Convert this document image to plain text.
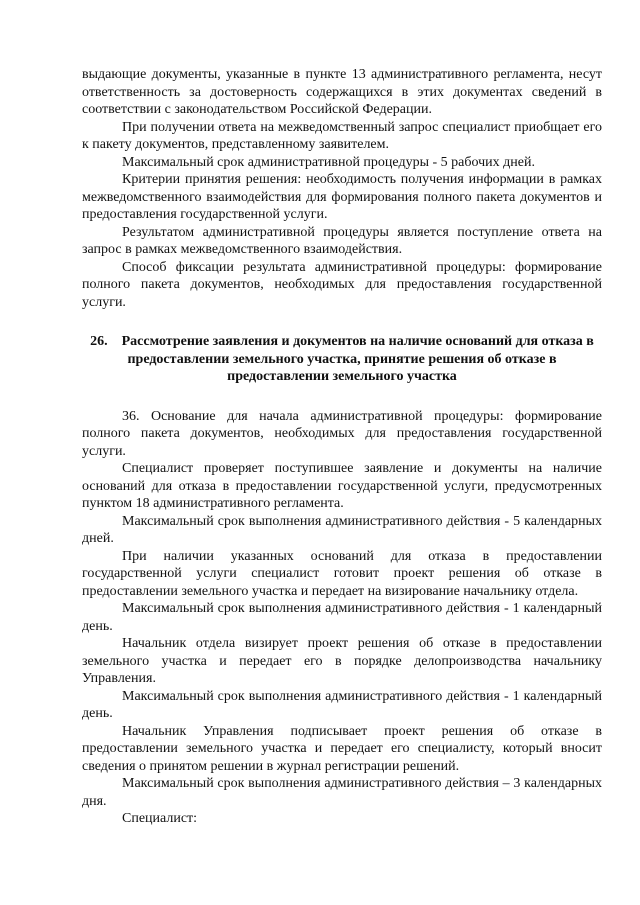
выдающие документы, указанные в пункте 13 административного регламента, несут ответственность за достоверность содержащихся в этих документах сведений в соответствии с законодательством Российской Федерации.

При получении ответа на межведомственный запрос специалист приобщает его к пакету документов, представленному заявителем.

Максимальный срок административной процедуры - 5 рабочих дней.

Критерии принятия решения: необходимость получения информации в рамках межведомственного взаимодействия для формирования полного пакета документов и предоставления государственной услуги.

Результатом административной процедуры является поступление ответа на запрос в рамках межведомственного взаимодействия.

Способ фиксации результата административной процедуры: формирование полного пакета документов, необходимых для предоставления государственной услуги.

26. Рассмотрение заявления и документов на наличие оснований для отказа в предоставлении земельного участка, принятие решения об отказе в предоставлении земельного участка

36. Основание для начала административной процедуры: формирование полного пакета документов, необходимых для предоставления государственной услуги.

Специалист проверяет поступившее заявление и документы на наличие оснований для отказа в предоставлении государственной услуги, предусмотренных пунктом 18 административного регламента.

Максимальный срок выполнения административного действия - 5 календарных дней.

При наличии указанных оснований для отказа в предоставлении государственной услуги специалист готовит проект решения об отказе в предоставлении земельного участка и передает на визирование начальнику отдела.

Максимальный срок выполнения административного действия - 1 календарный день.

Начальник отдела визирует проект решения об отказе в предоставлении земельного участка и передает его в порядке делопроизводства начальнику Управления.

Максимальный срок выполнения административного действия - 1 календарный день.

Начальник Управления подписывает проект решения об отказе в предоставлении земельного участка и передает его специалисту, который вносит сведения о принятом решении в журнал регистрации решений.

Максимальный срок выполнения административного действия – 3 календарных дня.

Специалист:
